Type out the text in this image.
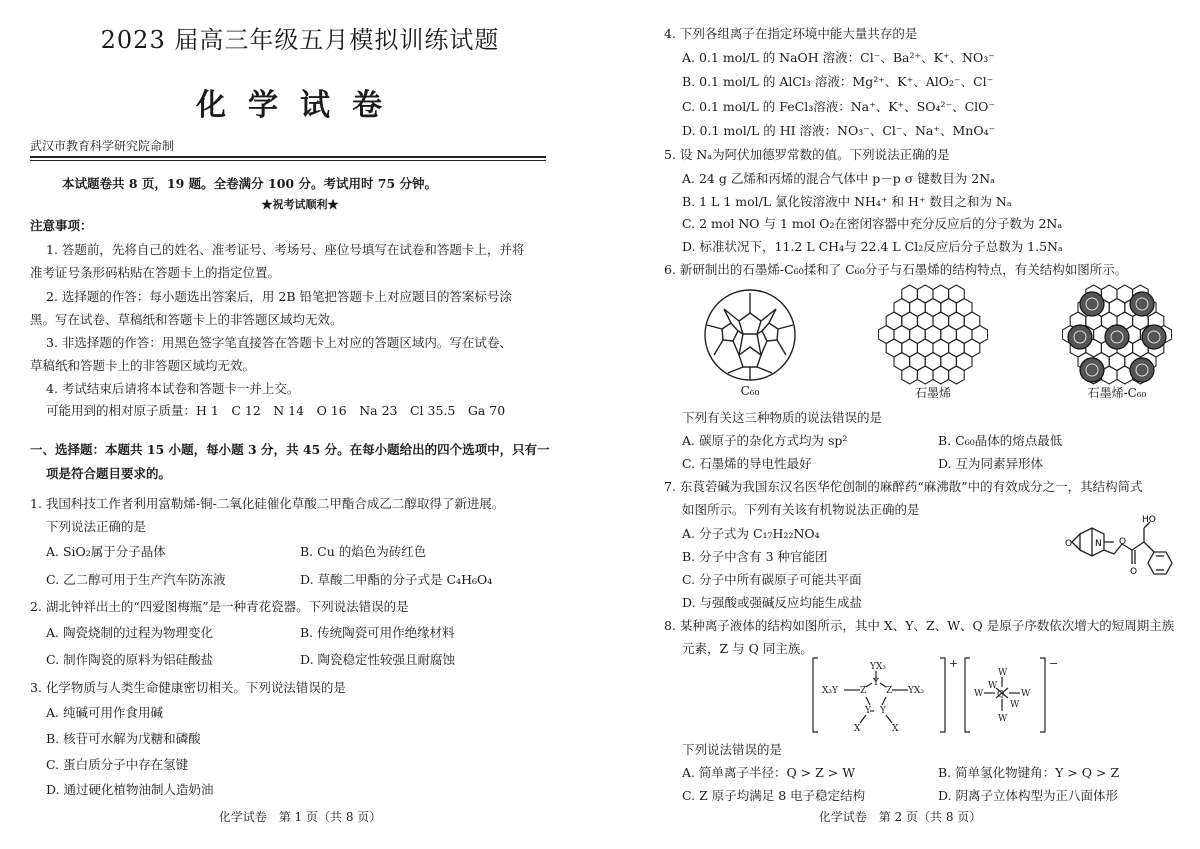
2023 届高三年级五月模拟训练试题
化学试卷
武汉市教育科学研究院命制
本试题卷共 8 页，19 题。全卷满分 100 分。考试用时 75 分钟。
★祝考试顺利★
注意事项：
1. 答题前，先将自己的姓名、准考证号、考场号、座位号填写在试卷和答题卡上，并将
准考证号条形码粘贴在答题卡上的指定位置。
2. 选择题的作答：每小题选出答案后，用 2B 铅笔把答题卡上对应题目的答案标号涂
黑。写在试卷、草稿纸和答题卡上的非答题区域均无效。
3. 非选择题的作答：用黑色签字笔直接答在答题卡上对应的答题区域内。写在试卷、
草稿纸和答题卡上的非答题区域均无效。
4. 考试结束后请将本试卷和答题卡一并上交。
可能用到的相对原子质量：H 1　C 12　N 14　O 16　Na 23　Cl 35.5　Ga 70
一、选择题：本题共 15 小题，每小题 3 分，共 45 分。在每小题给出的四个选项中，只有一
项是符合题目要求的。
1. 我国科技工作者利用富勒烯-铜-二氧化硅催化草酸二甲酯合成乙二醇取得了新进展。
下列说法正确的是
A. SiO₂属于分子晶体	B. Cu 的焰色为砖红色
C. 乙二醇可用于生产汽车防冻液	D. 草酸二甲酯的分子式是 C₄H₆O₄
2. 湖北钟祥出土的“四爱图梅瓶”是一种青花瓷器。下列说法错误的是
A. 陶瓷烧制的过程为物理变化	B. 传统陶瓷可用作绝缘材料
C. 制作陶瓷的原料为铝硅酸盐	D. 陶瓷稳定性较强且耐腐蚀
3. 化学物质与人类生命健康密切相关。下列说法错误的是
A. 纯碱可用作食用碱
B. 核苷可水解为戊糖和磷酸
C. 蛋白质分子中存在氢键
D. 通过硬化植物油制人造奶油
化学试卷　第 1 页（共 8 页）
4. 下列各组离子在指定环境中能大量共存的是
A. 0.1 mol/L 的 NaOH 溶液：Cl⁻、Ba²⁺、K⁺、NO₃⁻
B. 0.1 mol/L 的 AlCl₃ 溶液：Mg²⁺、K⁺、AlO₂⁻、Cl⁻
C. 0.1 mol/L 的 FeCl₃溶液：Na⁺、K⁺、SO₄²⁻、ClO⁻
D. 0.1 mol/L 的 HI 溶液：NO₃⁻、Cl⁻、Na⁺、MnO₄⁻
5. 设 Nₐ为阿伏加德罗常数的值。下列说法正确的是
A. 24 g 乙烯和丙烯的混合气体中 p－p σ 键数目为 2Nₐ
B. 1 L 1 mol/L 氯化铵溶液中 NH₄⁺ 和 H⁺ 数目之和为 Nₐ
C. 2 mol NO 与 1 mol O₂在密闭容器中充分反应后的分子数为 2Nₐ
D. 标准状况下，11.2 L CH₄与 22.4 L Cl₂反应后分子总数为 1.5Nₐ
6. 新研制出的石墨烯-C₆₀揉和了 C₆₀分子与石墨烯的结构特点，有关结构如图所示。
C₆₀	石墨烯	石墨烯-C₆₀
下列有关这三种物质的说法错误的是
A. 碳原子的杂化方式均为 sp²	B. C₆₀晶体的熔点最低
C. 石墨烯的导电性最好	D. 互为同素异形体
7. 东莨菪碱为我国东汉名医华佗创制的麻醉药“麻沸散”中的有效成分之一，其结构简式
如图所示。下列有关该有机物说法正确的是
A. 分子式为 C₁₇H₂₂NO₄
B. 分子中含有 3 种官能团
C. 分子中所有碳原子可能共平面
D. 与强酸或强碱反应均能生成盐
HO
N
O	O
O
8. 某种离子液体的结构如图所示，其中 X、Y、Z、W、Q 是原子序数依次增大的短周期主族
元素，Z 与 Q 同主族。
YX₃
X₃Y Z
Y
Z YX₃
Y Y
X	X
W
W
W Q W
W
W
+	−
下列说法错误的是
A. 简单离子半径：Q > Z > W	B. 简单氢化物键角：Y > Q > Z
C. Z 原子均满足 8 电子稳定结构	D. 阴离子立体构型为正八面体形
化学试卷　第 2 页（共 8 页）
